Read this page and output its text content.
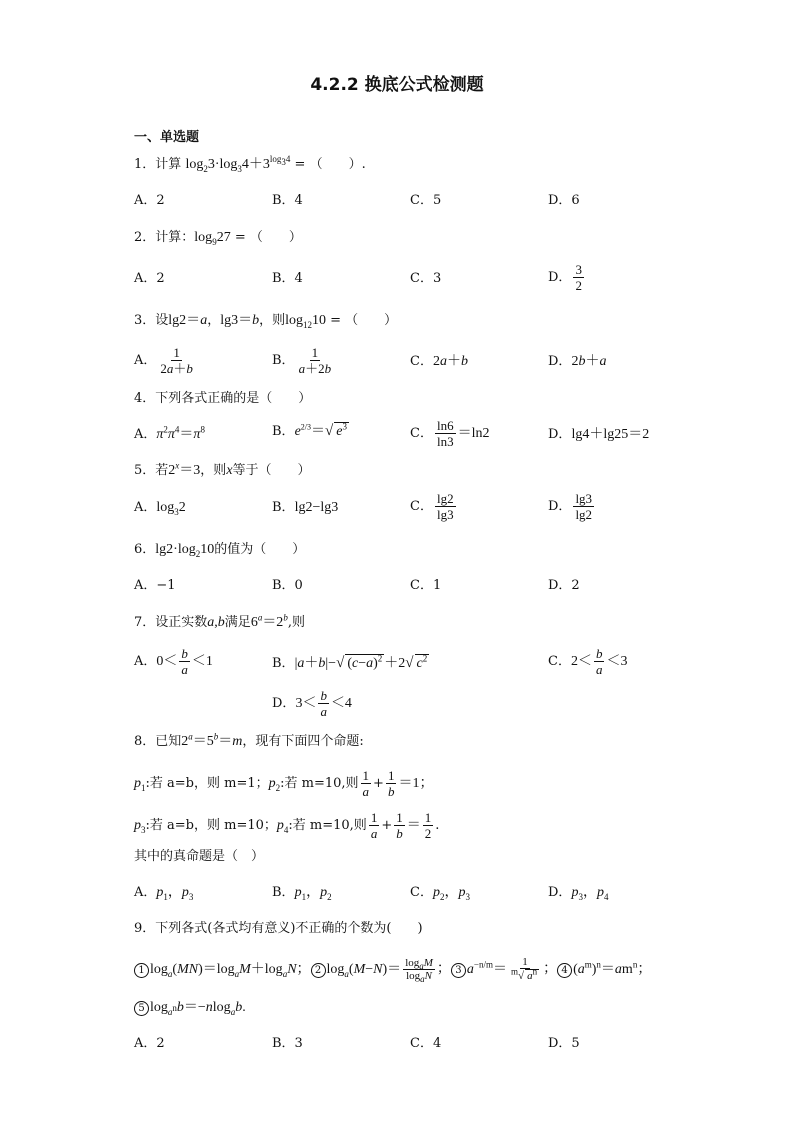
4.2.2 换底公式检测题
一、单选题
1．计算 $\log_23\cdot\log_34+3^{log_34}$ = （　　）.
A．2	B．4	C．5	D．6
2．计算：$\log_927$ = （　　）
A．2	B．4	C．3	D． $\frac{3}{2}$
3．设lg2＝a，lg3＝b，则$\log_{12}10$ = （　　）
A． $\frac{1}{2a+b}$	B． $\frac{1}{a+2b}$	C．2a＋b	D．2b＋a
4．下列各式正确的是（　　）
A．$\pi^2\pi^4=\pi^8$	B．$e^{2/3}=√$ $e^3$	C． $\frac{\ln 6}{\ln 3} =\ln 2$	D．lg4＋lg25＝2
5．若$2^x=3$，则x等于（　　）
A．$\log_32$	B．lg2−lg3	C． $\frac{\lg 2}{\lg 3}$	D． $\frac{\lg 3}{\lg 2}$
6．$\lg 2\cdot\log_210$的值为（　　）
A．−1	B．0	C．1	D．2
7．设正实数a,b满足$6^a=2^b$,则
A．$0< \frac{b}{a} <1$	B．|a＋b|−√ $(c-a)^2 +2√$ $c^2$	C．$2< \frac{b}{a} <3$
D．$3< \frac{b}{a} <4$
8．已知$2^a=5^b=m$，现有下面四个命题:
$p_1$:若 a=b，则 m=1；$p_2$:若 m=10,则 $\frac{1}{a} + \frac{1}{b} =1$；
$p_3$:若 a=b，则 m=10；$p_4$:若 m=10,则 $\frac{1}{a} + \frac{1}{b} = \frac{1}{2}$ .
其中的真命题是（　）
A．$p_1$，$p_3$	B．$p_1$，$p_2$	C．$p_2$，$p_3$	D．$p_3$，$p_4$
9．下列各式(各式均有意义)不正确的个数为(　　)
1 $\log_a(MN)=\log_aM+\log_aN$； 2 $\log_a(M-N)= \frac{\log_aM}{\log_aN}$ ； 3 $a^{-n/m}= \frac{1}{^m√ a^n}$ ； 4 $(a^m)^n=am^n$；
5 $\log_{a^n}b=-nlog_ab$.
A．2	B．3	C．4	D．5
